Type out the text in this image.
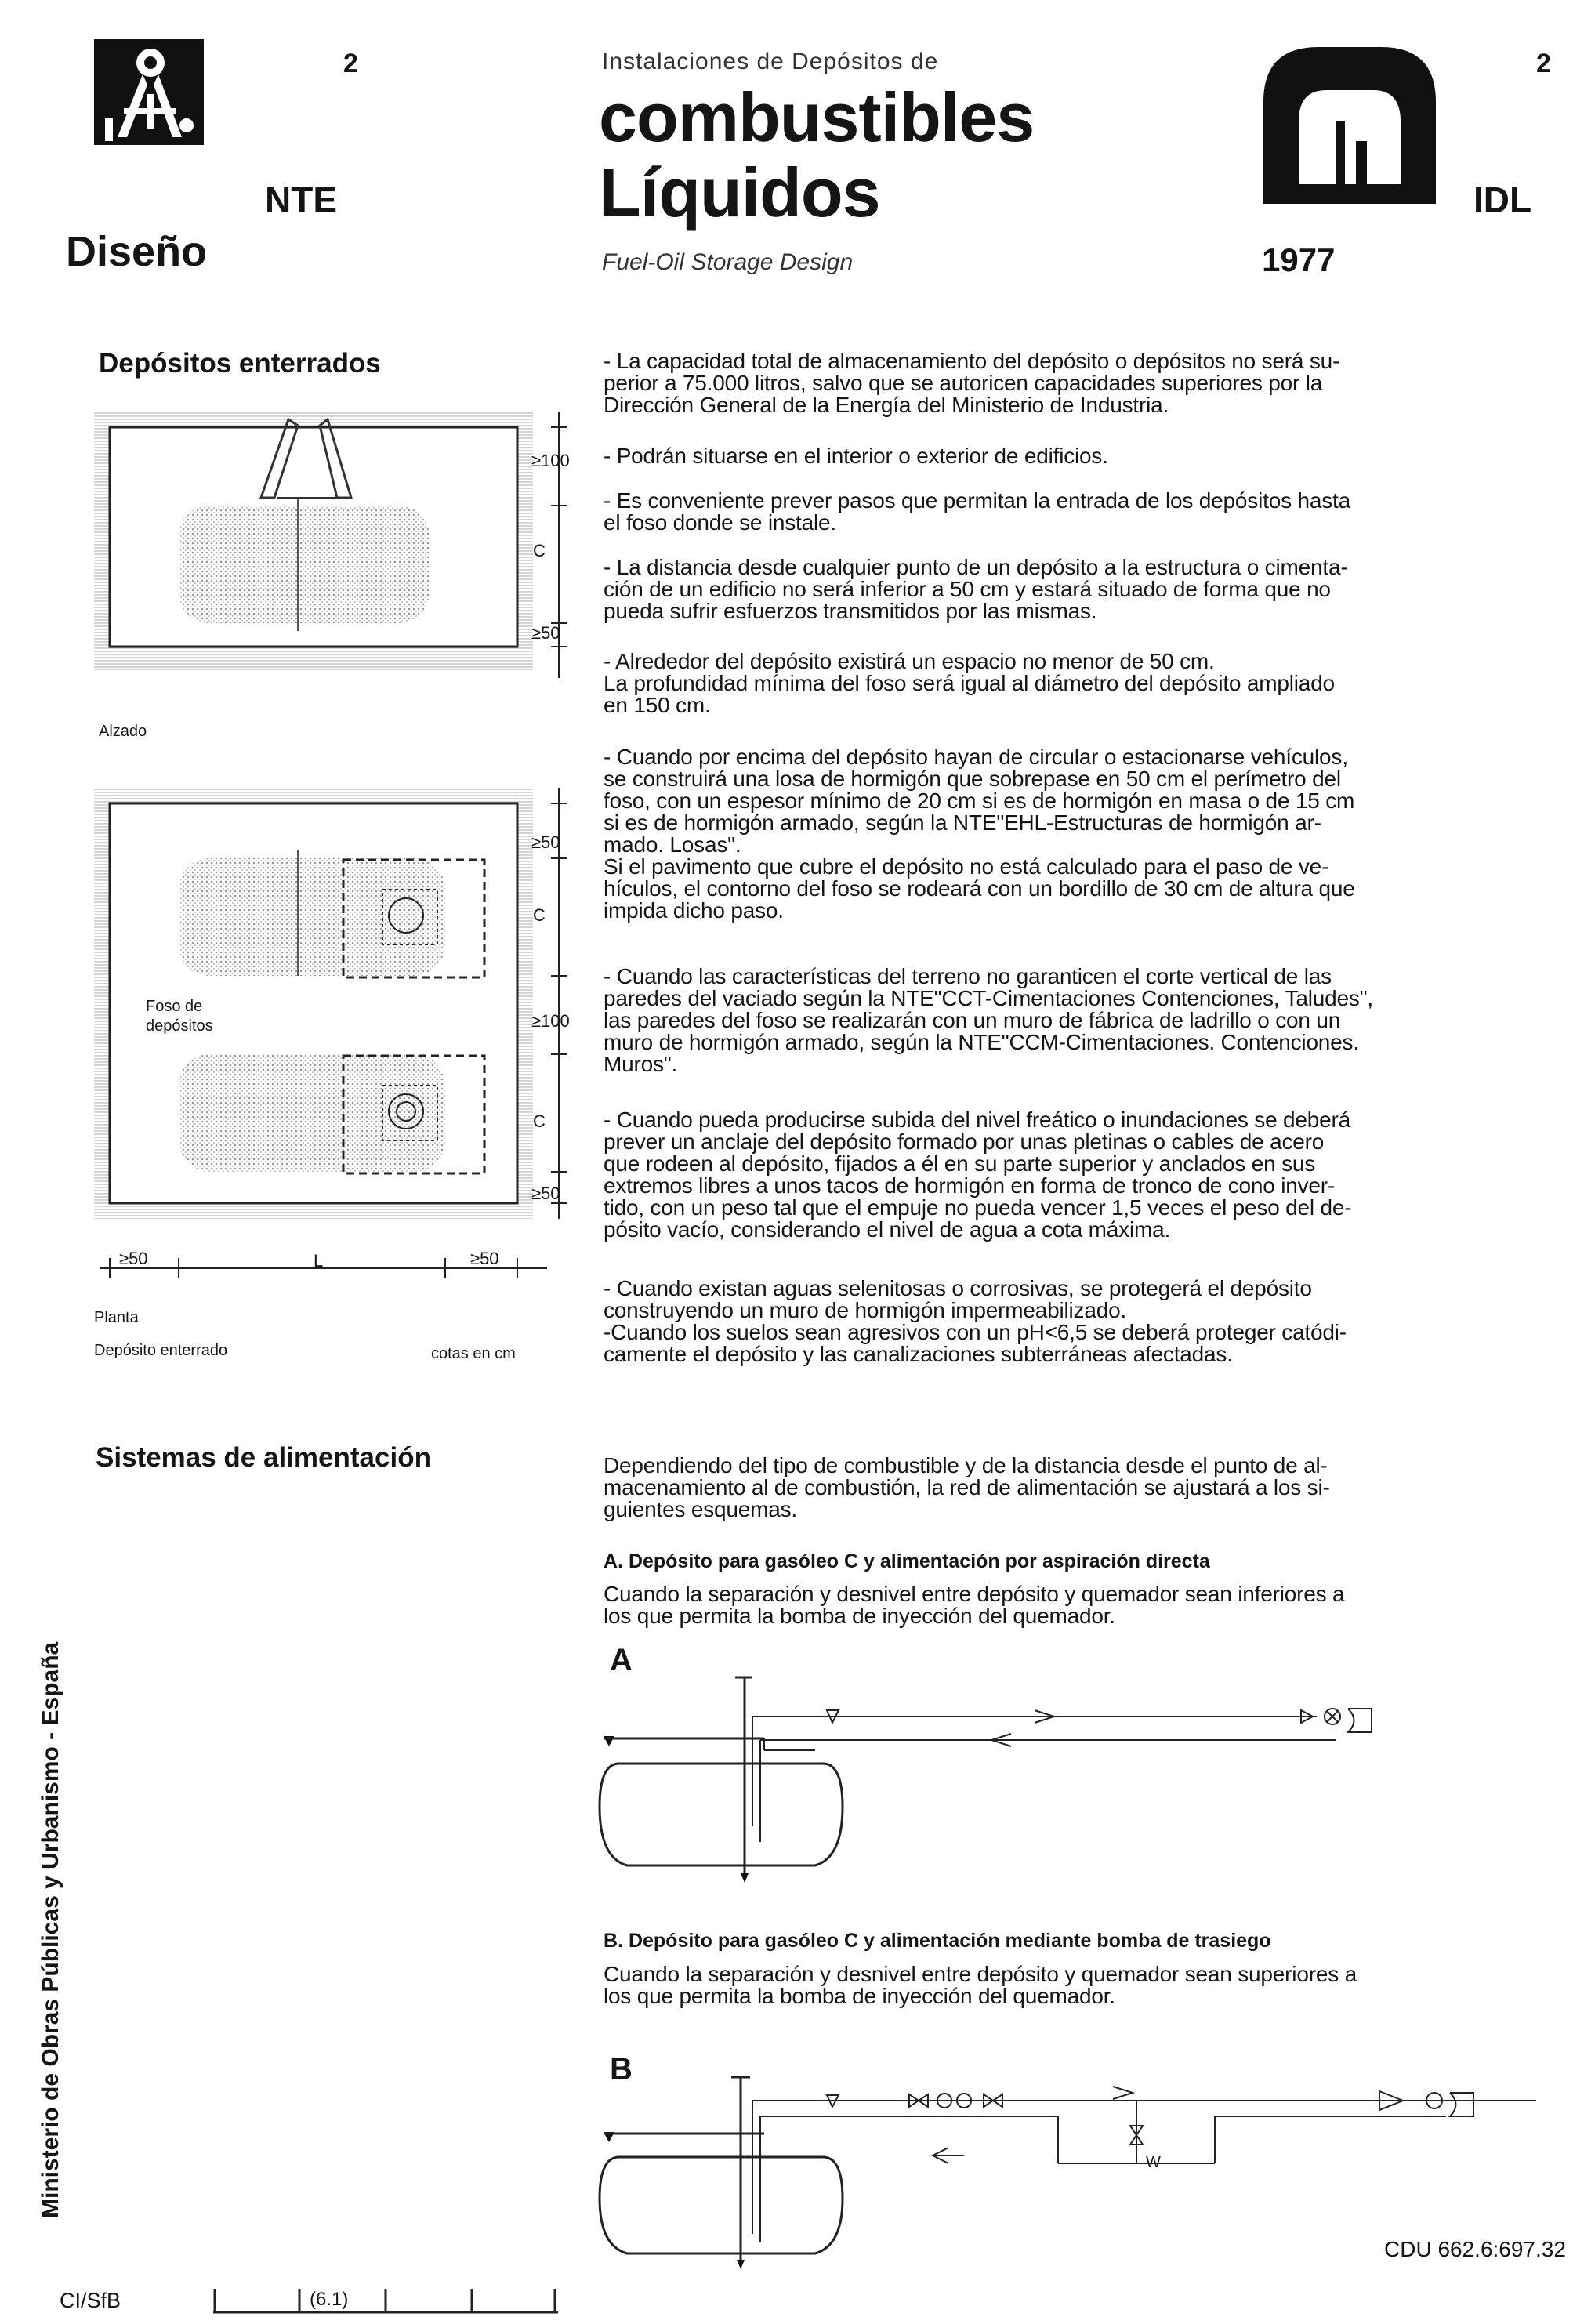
2
NTE
Diseño
Instalaciones de Depósitos de
combustibles
Líquidos
Fuel-Oil Storage Design	1977
2
IDL
Ministerio de Obras Públicas y Urbanismo - España
Depósitos enterrados
≥100
C
≥50
Alzado
≥50
C
Foso de
depósitos	≥100
C
≥50
≥50	L	≥50
Planta
Depósito enterrado	cotas en cm
- La capacidad total de almacenamiento del depósito o depósitos no será su-
perior a 75.000 litros, salvo que se autoricen capacidades superiores por la
Dirección General de la Energía del Ministerio de Industria.
- Podrán situarse en el interior o exterior de edificios.
- Es conveniente prever pasos que permitan la entrada de los depósitos hasta
el foso donde se instale.
- La distancia desde cualquier punto de un depósito a la estructura o cimenta-
ción de un edificio no será inferior a 50 cm y estará situado de forma que no
pueda sufrir esfuerzos transmitidos por las mismas.
- Alrededor del depósito existirá un espacio no menor de 50 cm.
La profundidad mínima del foso será igual al diámetro del depósito ampliado
en 150 cm.
- Cuando por encima del depósito hayan de circular o estacionarse vehículos,
se construirá una losa de hormigón que sobrepase en 50 cm el perímetro del
foso, con un espesor mínimo de 20 cm si es de hormigón en masa o de 15 cm
si es de hormigón armado, según la NTE"EHL-Estructuras de hormigón ar-
mado. Losas".
Si el pavimento que cubre el depósito no está calculado para el paso de ve-
hículos, el contorno del foso se rodeará con un bordillo de 30 cm de altura que
impida dicho paso.
- Cuando las características del terreno no garanticen el corte vertical de las
paredes del vaciado según la NTE"CCT-Cimentaciones Contenciones, Taludes",
las paredes del foso se realizarán con un muro de fábrica de ladrillo o con un
muro de hormigón armado, según la NTE"CCM-Cimentaciones. Contenciones.
Muros".
- Cuando pueda producirse subida del nivel freático o inundaciones se deberá
prever un anclaje del depósito formado por unas pletinas o cables de acero
que rodeen al depósito, fijados a él en su parte superior y anclados en sus
extremos libres a unos tacos de hormigón en forma de tronco de cono inver-
tido, con un peso tal que el empuje no pueda vencer 1,5 veces el peso del de-
pósito vacío, considerando el nivel de agua a cota máxima.
- Cuando existan aguas selenitosas o corrosivas, se protegerá el depósito
construyendo un muro de hormigón impermeabilizado.
-Cuando los suelos sean agresivos con un pH<6,5 se deberá proteger catódi-
camente el depósito y las canalizaciones subterráneas afectadas.
Sistemas de alimentación	Dependiendo del tipo de combustible y de la distancia desde el punto de al-
macenamiento al de combustión, la red de alimentación se ajustará a los si-
guientes esquemas.
A. Depósito para gasóleo C y alimentación por aspiración directa
Cuando la separación y desnivel entre depósito y quemador sean inferiores a
los que permita la bomba de inyección del quemador.
A
B. Depósito para gasóleo C y alimentación mediante bomba de trasiego
Cuando la separación y desnivel entre depósito y quemador sean superiores a
los que permita la bomba de inyección del quemador.
B
W
CI/SfB	(6.1)
CDU 662.6:697.32
